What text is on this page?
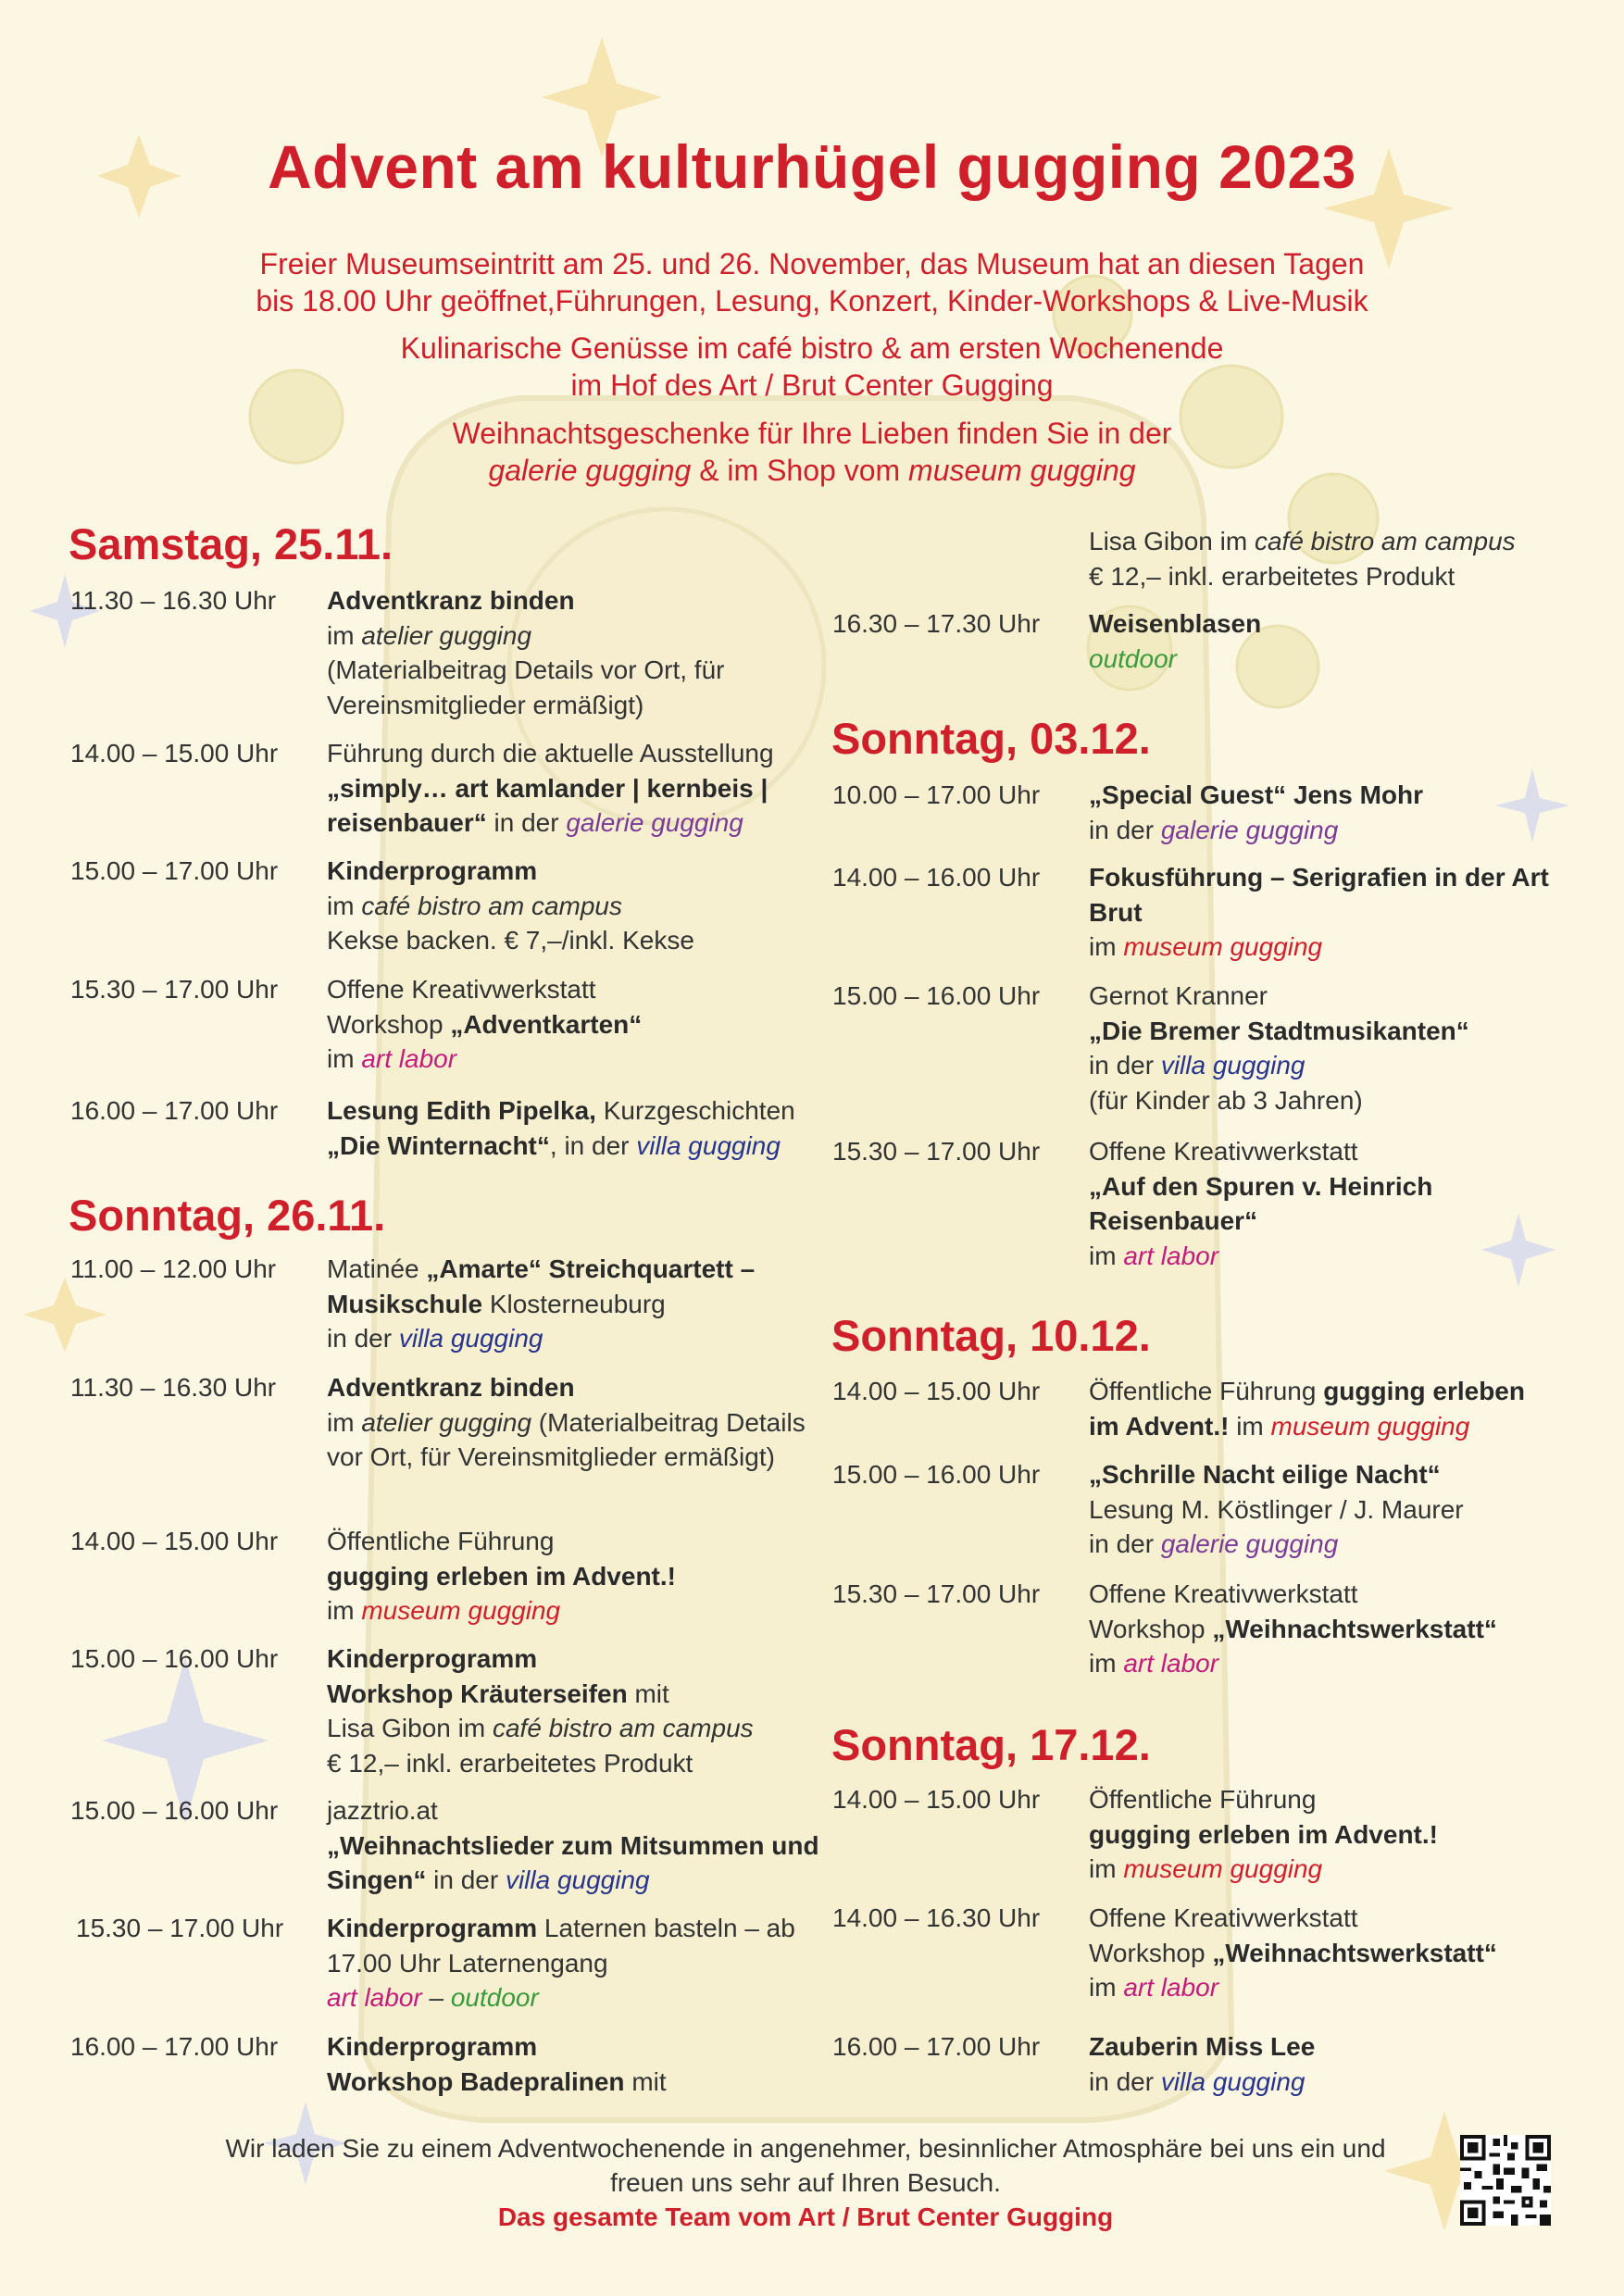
Advent am kulturhügel gugging 2023
Freier Museumseintritt am 25. und 26. November, das Museum hat an diesen Tagen
bis 18.00 Uhr geöffnet,Führungen, Lesung, Konzert, Kinder-Workshops & Live-Musik
Kulinarische Genüsse im café bistro & am ersten Wochenende
im Hof des Art / Brut Center Gugging
Weihnachtsgeschenke für Ihre Lieben finden Sie in der
galerie gugging & im Shop vom museum gugging
Samstag, 25.11.
11.30 – 16.30 Uhr Adventkranz binden
im atelier gugging
(Materialbeitrag Details vor Ort, für Vereinsmitglieder ermäßigt)
14.00 – 15.00 Uhr Führung durch die aktuelle Ausstellung
„simply… art kamlander | kernbeis | reisenbauer“ in der galerie gugging
15.00 – 17.00 Uhr Kinderprogramm
im café bistro am campus
Kekse backen. € 7,–/inkl. Kekse
15.30 – 17.00 Uhr Offene Kreativwerkstatt
Workshop „Adventkarten“
im art labor
16.00 – 17.00 Uhr Lesung Edith Pipelka, Kurzgeschichten
„Die Winternacht“, in der villa gugging
Sonntag, 26.11.
11.00 – 12.00 Uhr Matinée „Amarte“ Streichquartett – Musikschule Klosterneuburg
in der villa gugging
11.30 – 16.30 Uhr Adventkranz binden
im atelier gugging (Materialbeitrag Details vor Ort, für Vereinsmitglieder ermäßigt)
14.00 – 15.00 Uhr Öffentliche Führung
gugging erleben im Advent.!
im museum gugging
15.00 – 16.00 Uhr Kinderprogramm
Workshop Kräuterseifen mit
Lisa Gibon im café bistro am campus
€ 12,– inkl. erarbeitetes Produkt
15.00 – 16.00 Uhr jazztrio.at
„Weihnachtslieder zum Mitsummen und Singen“ in der villa gugging
15.30 – 17.00 Uhr Kinderprogramm Laternen basteln – ab 17.00 Uhr Laternengang
art labor – outdoor
16.00 – 17.00 Uhr Kinderprogramm
Workshop Badepralinen mit
Lisa Gibon im café bistro am campus
€ 12,– inkl. erarbeitetes Produkt
16.30 – 17.30 Uhr Weisenblasen
outdoor
Sonntag, 03.12.
10.00 – 17.00 Uhr „Special Guest“ Jens Mohr
in der galerie gugging
14.00 – 16.00 Uhr Fokusführung – Serigrafien in der Art Brut
im museum gugging
15.00 – 16.00 Uhr Gernot Kranner
„Die Bremer Stadtmusikanten“
in der villa gugging
(für Kinder ab 3 Jahren)
15.30 – 17.00 Uhr Offene Kreativwerkstatt
„Auf den Spuren v. Heinrich Reisenbauer“
im art labor
Sonntag, 10.12.
14.00 – 15.00 Uhr Öffentliche Führung gugging erleben im Advent.! im museum gugging
15.00 – 16.00 Uhr „Schrille Nacht eilige Nacht“
Lesung M. Köstlinger / J. Maurer
in der galerie gugging
15.30 – 17.00 Uhr Offene Kreativwerkstatt
Workshop „Weihnachtswerkstatt“
im art labor
Sonntag, 17.12.
14.00 – 15.00 Uhr Öffentliche Führung
gugging erleben im Advent.!
im museum gugging
14.00 – 16.30 Uhr Offene Kreativwerkstatt
Workshop „Weihnachtswerkstatt“
im art labor
16.00 – 17.00 Uhr Zauberin Miss Lee
in der villa gugging
Wir laden Sie zu einem Adventwochenende in angenehmer, besinnlicher Atmosphäre bei uns ein und
freuen uns sehr auf Ihren Besuch.
Das gesamte Team vom Art / Brut Center Gugging
